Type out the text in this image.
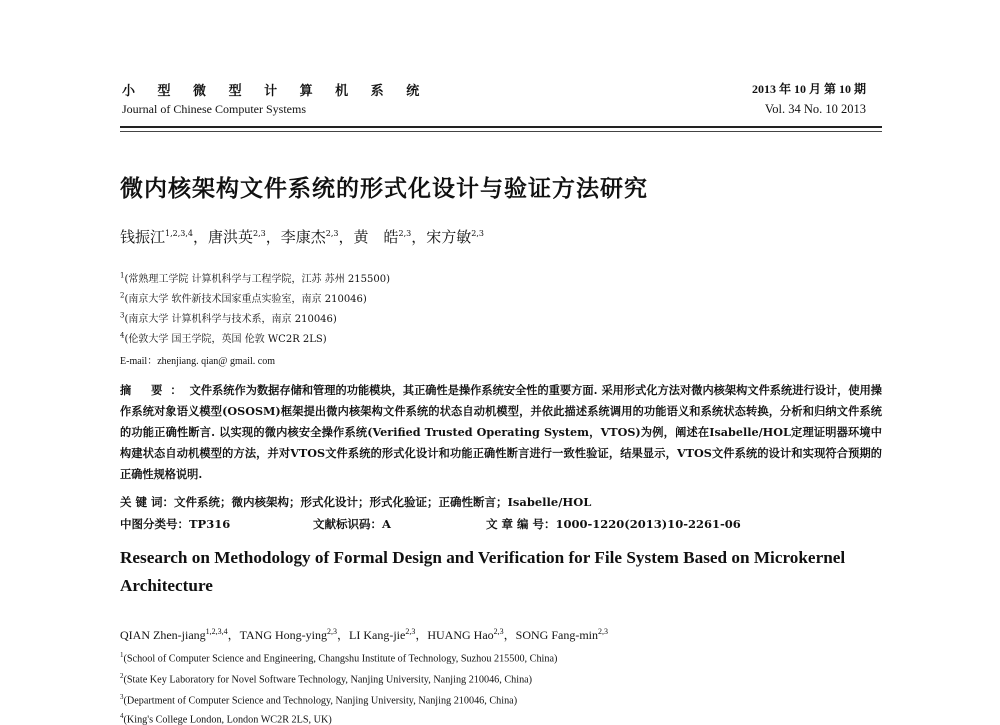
小 型 微 型 计 算 机 系 统
Journal of Chinese Computer Systems
2013 年 10 月 第 10 期
Vol. 34 No. 10 2013
微内核架构文件系统的形式化设计与验证方法研究
钱振江$^{1,2,3,4}$，唐洪英$^{2,3}$，李康杰$^{2,3}$，黄　皓$^{2,3}$，宋方敏$^{2,3}$
$^1$(常熟理工学院 计算机科学与工程学院，江苏 苏州 215500)
$^2$(南京大学 软件新技术国家重点实验室，南京 210046)
$^3$(南京大学 计算机科学与技术系，南京 210046)
$^4$(伦敦大学 国王学院，英国 伦敦 WC2R 2LS)
E-mail：zhenjiang. qian@ gmail. com
摘 要：文件系统作为数据存储和管理的功能模块，其正确性是操作系统安全性的重要方面. 采用形式化方法对微内核架构文件系统进行设计，使用操作系统对象语义模型(OSOSM)框架提出微内核架构文件系统的状态自动机模型，并依此描述系统调用的功能语义和系统状态转换，分析和归纳文件系统的功能正确性断言. 以实现的微内核安全操作系统(Verified Trusted Operating System，VTOS)为例，阐述在Isabelle/HOL定理证明器环境中构建状态自动机模型的方法，并对VTOS文件系统的形式化设计和功能正确性断言进行一致性验证，结果显示，VTOS文件系统的设计和实现符合预期的正确性规格说明.
关 键 词：文件系统；微内核架构；形式化设计；形式化验证；正确性断言；Isabelle/HOL
中图分类号：TP316	文献标识码：A	文 章 编 号：1000-1220(2013)10-2261-06
Research on Methodology of Formal Design and Verification for File System Based on Microkernel Architecture
QIAN Zhen-jiang$^{1,2,3,4}$，TANG Hong-ying$^{2,3}$，LI Kang-jie$^{2,3}$，HUANG Hao$^{2,3}$，SONG Fang-$\min^{2,3}$
$^1$(School of Computer Science and Engineering, Changshu Institute of Technology, Suzhou 215500, China)
$^2$(State Key Laboratory for Novel Software Technology, Nanjing University, Nanjing 210046, China)
$^3$(Department of Computer Science and Technology, Nanjing University, Nanjing 210046, China)
$^4$(King's College London, London WC2R 2LS, UK)
